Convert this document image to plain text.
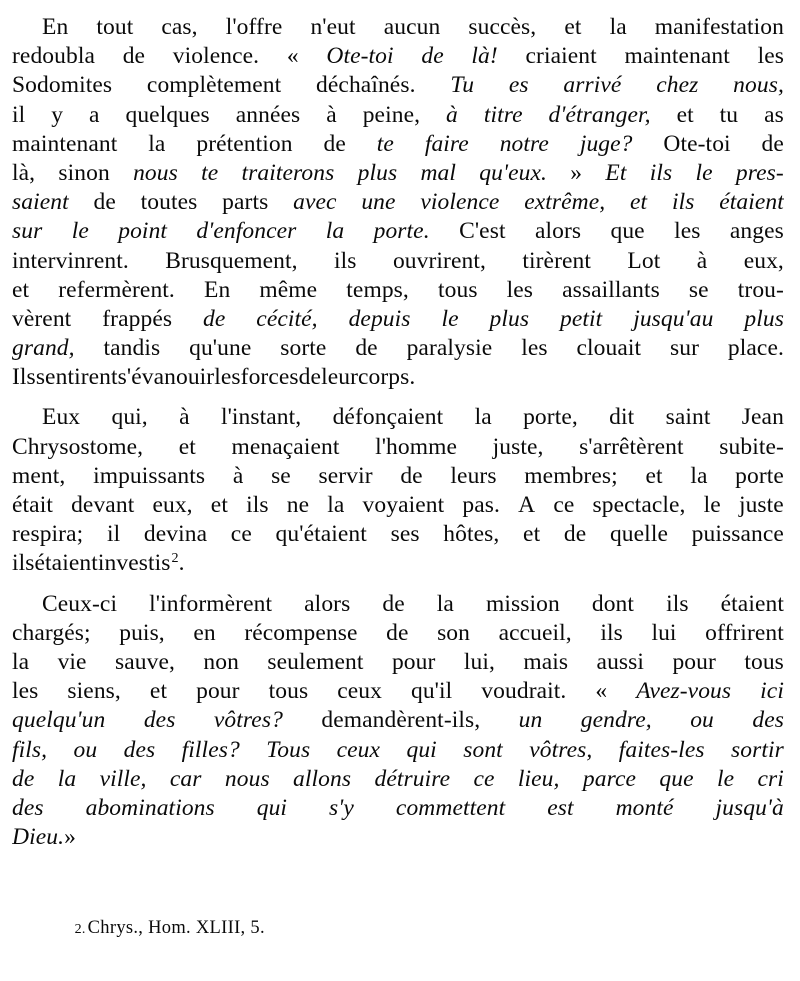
En tout cas, l'offre n'eut aucun succès, et la manifestation
redoubla de violence. « Ote-toi de là! criaient maintenant les
Sodomites complètement déchaînés. Tu es arrivé chez nous,
il y a quelques années à peine, à titre d'étranger, et tu as
maintenant la prétention de te faire notre juge? Ote-toi de
là, sinon nous te traiterons plus mal qu'eux. » Et ils le pres-
saient de toutes parts avec une violence extrême, et ils étaient
sur le point d'enfoncer la porte. C'est alors que les anges
intervinrent. Brusquement, ils ouvrirent, tirèrent Lot à eux,
et refermèrent. En même temps, tous les assaillants se trou-
vèrent frappés de cécité, depuis le plus petit jusqu'au plus
grand, tandis qu'une sorte de paralysie les clouait sur place.
Ils sentirent s'évanouir les forces de leur corps.
Eux qui, à l'instant, défonçaient la porte, dit saint Jean
Chrysostome, et menaçaient l'homme juste, s'arrêtèrent subite-
ment, impuissants à se servir de leurs membres; et la porte
était devant eux, et ils ne la voyaient pas. A ce spectacle, le juste
respira; il devina ce qu'étaient ses hôtes, et de quelle puissance
ils étaient investis$^2$ .
Ceux-ci l'informèrent alors de la mission dont ils étaient
chargés; puis, en récompense de son accueil, ils lui offrirent
la vie sauve, non seulement pour lui, mais aussi pour tous
les siens, et pour tous ceux qu'il voudrait. « Avez-vous ici
quelqu'un des vôtres? demandèrent-ils, un gendre, ou des
fils, ou des filles? Tous ceux qui sont vôtres, faites-les sortir
de la ville, car nous allons détruire ce lieu, parce que le cri
des abominations qui s'y commettent est monté jusqu'à
Dieu. »

2. Chrys., Hom. XLIII, 5.
